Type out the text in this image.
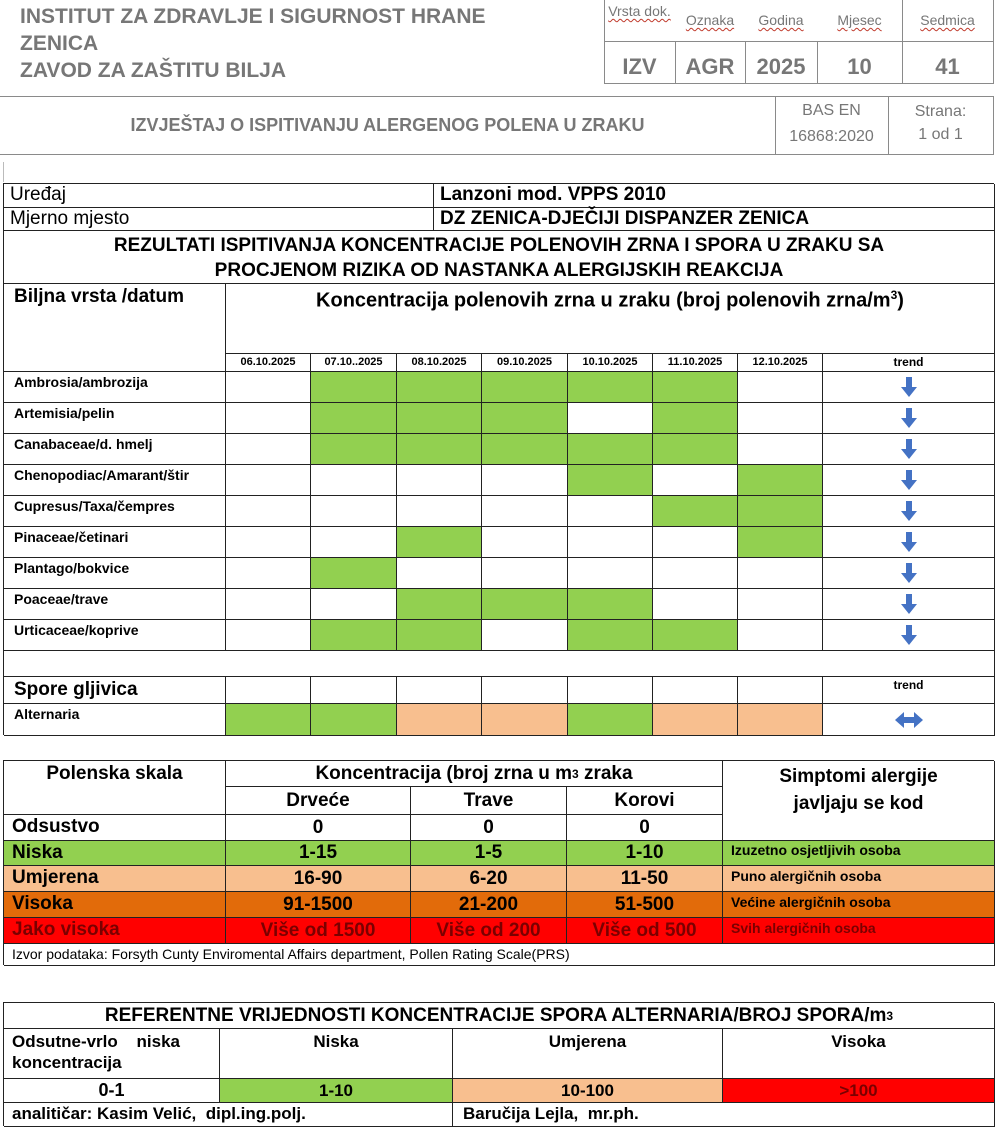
INSTITUT ZA ZDRAVLJE I SIGURNOST HRANE
ZENICA
ZAVOD ZA ZAŠTITU BILJA
Vrsta dok.
Oznaka	Godina	Mjesec	Sedmica
IZV	AGR	2025	10	41
IZVJEŠTAJ O ISPITIVANJU ALERGENOG POLENA U ZRAKU
BAS EN
16868:2020
Strana:
1 od 1
Uređaj	Lanzoni mod. VPPS 2010
Mjerno mjesto	DZ ZENICA-DJEČIJI DISPANZER ZENICA
REZULTATI ISPITIVANJA KONCENTRACIJE POLENOVIH ZRNA I SPORA U ZRAKU SA
PROCJENOM RIZIKA OD NASTANKA ALERGIJSKIH REAKCIJA
Biljna vrsta /datum	Koncentracija polenovih zrna u zraku (broj polenovih zrna/$m^3$)
06.10.2025	07.10..2025	08.10.2025	09.10.2025	10.10.2025	11.10.2025	12.10.2025	trend
Ambrosia/ambrozija
Artemisia/pelin
Canabaceae/d. hmelj
Chenopodiac/Amarant/štir
Cupresus/Taxa/čempres
Pinaceae/četinari
Plantago/bokvice
Poaceae/trave
Urticaceae/koprive
Spore gljivica	trend
Alternaria
Polenska skala	Koncentracija (broj zrna u m 3 zraka	Simptomi alergije
javljaju se kod
Drveće	Trave	Korovi
Odsustvo	0	0	0
Niska	1-15	1-5	1-10	Izuzetno osjetljivih osoba
Umjerena	16-90	6-20	11-50	Puno alergičnih osoba
Visoka	91-1500	21-200	51-500	Većine alergičnih osoba
Jako visoka	Više od 1500	Više od 200	Više od 500	Svih alergičnih osoba
Izvor podataka: Forsyth Cunty Enviromental Affairs department, Pollen Rating Scale(PRS)
REFERENTNE VRIJEDNOSTI KONCENTRACIJE SPORA ALTERNARIA/BROJ SPORA/m 3
Odsutne-vrlo niska
koncentracija
Niska	Umjerena	Visoka
0-1	1-10	10-100	>100
analitičar: Kasim Velić,  dipl.ing.polj.	Baručija Lejla,  mr.ph.
